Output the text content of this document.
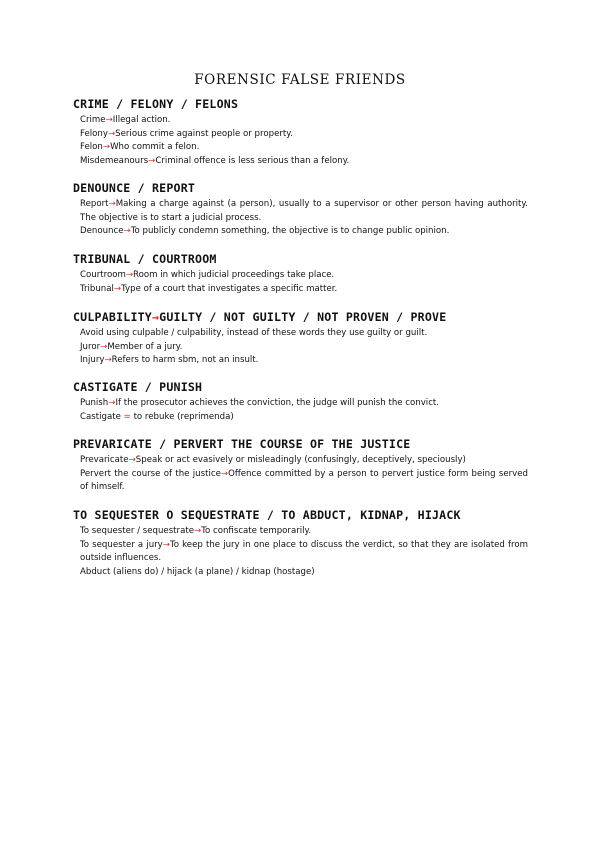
FORENSIC FALSE FRIENDS
CRIME / FELONY / FELONS
Crime→Illegal action.
Felony→Serious crime against people or property.
Felon→Who commit a felon.
Misdemeanours→Criminal offence is less serious than a felony.
DENOUNCE / REPORT
Report→Making a charge against (a person), usually to a supervisor or other person having authority. The objective is to start a judicial process.
Denounce→To publicly condemn something, the objective is to change public opinion.
TRIBUNAL / COURTROOM
Courtroom→Room in which judicial proceedings take place.
Tribunal→Type of a court that investigates a specific matter.
CULPABILITY→GUILTY / NOT GUILTY / NOT PROVEN / PROVE
Avoid using culpable / culpability, instead of these words they use guilty or guilt.
Juror→Member of a jury.
Injury→Refers to harm sbm, not an insult.
CASTIGATE / PUNISH
Punish→If the prosecutor achieves the conviction, the judge will punish the convict.
Castigate = to rebuke (reprimenda)
PREVARICATE / PERVERT THE COURSE OF THE JUSTICE
Prevaricate→Speak or act evasively or misleadingly (confusingly, deceptively, speciously)
Pervert the course of the justice→Offence committed by a person to pervert justice form being served of himself.
TO SEQUESTER O SEQUESTRATE / TO ABDUCT, KIDNAP, HIJACK
To sequester / sequestrate→To confiscate temporarily.
To sequester a jury→To keep the jury in one place to discuss the verdict, so that they are isolated from outside influences.
Abduct (aliens do) / hijack (a plane) / kidnap (hostage)
